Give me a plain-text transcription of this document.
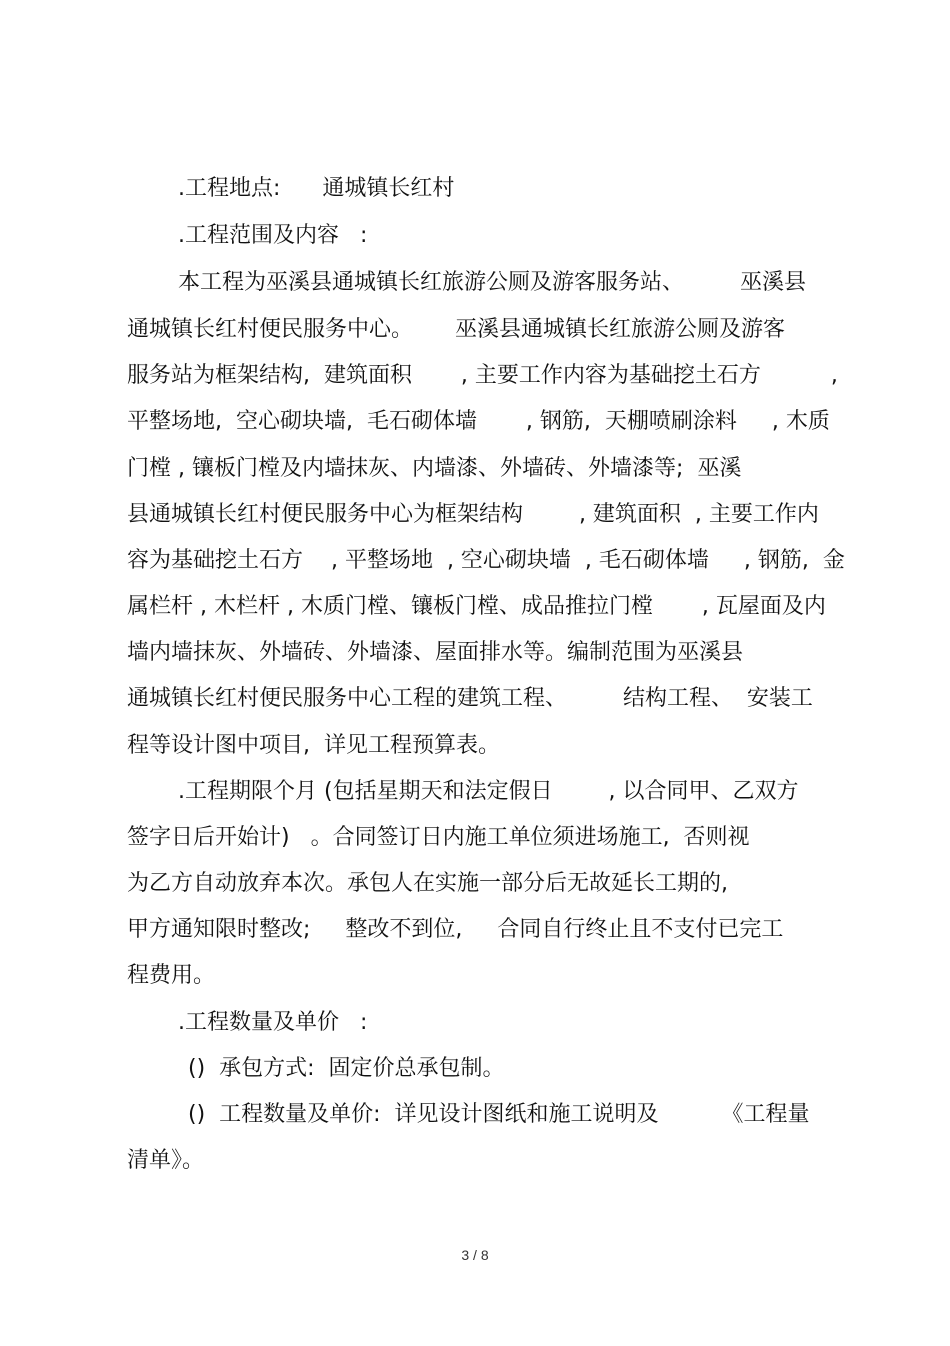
.工程地点:      通城镇长红村
.工程范围及内容   :
本工程为巫溪县通城镇长红旅游公厕及游客服务站、        巫溪县
通城镇长红村便民服务中心。      巫溪县通城镇长红旅游公厕及游客
服务站为框架结构,  建筑面积       , 主要工作内容为基础挖土石方          ,
平整场地,  空心砌块墙,  毛石砌体墙       , 钢筋,  天棚喷刷涂料     , 木质
门樘 , 镶板门樘及内墙抹灰、内墙漆、外墙砖、外墙漆等;  巫溪
县通城镇长红村便民服务中心为框架结构        , 建筑面积  , 主要工作内
容为基础挖土石方    , 平整场地  , 空心砌块墙  , 毛石砌体墙     , 钢筋,  金
属栏杆 , 木栏杆 , 木质门樘、镶板门樘、成品推拉门樘       , 瓦屋面及内
墙内墙抹灰、外墙砖、外墙漆、屋面排水等。编制范围为巫溪县
通城镇长红村便民服务中心工程的建筑工程、        结构工程、  安装工
程等设计图中项目,  详见工程预算表。
.工程期限个月 (包括星期天和法定假日        , 以合同甲、乙双方
签字日后开始计)   。合同签订日内施工单位须进场施工,  否则视
为乙方自动放弃本次。承包人在实施一部分后无故延长工期的,
甲方通知限时整改;     整改不到位,     合同自行终止且不支付已完工
程费用。
.工程数量及单价   :
()  承包方式:  固定价总承包制。
()  工程数量及单价:  详见设计图纸和施工说明及         《工程量
清单》。
3 / 8
